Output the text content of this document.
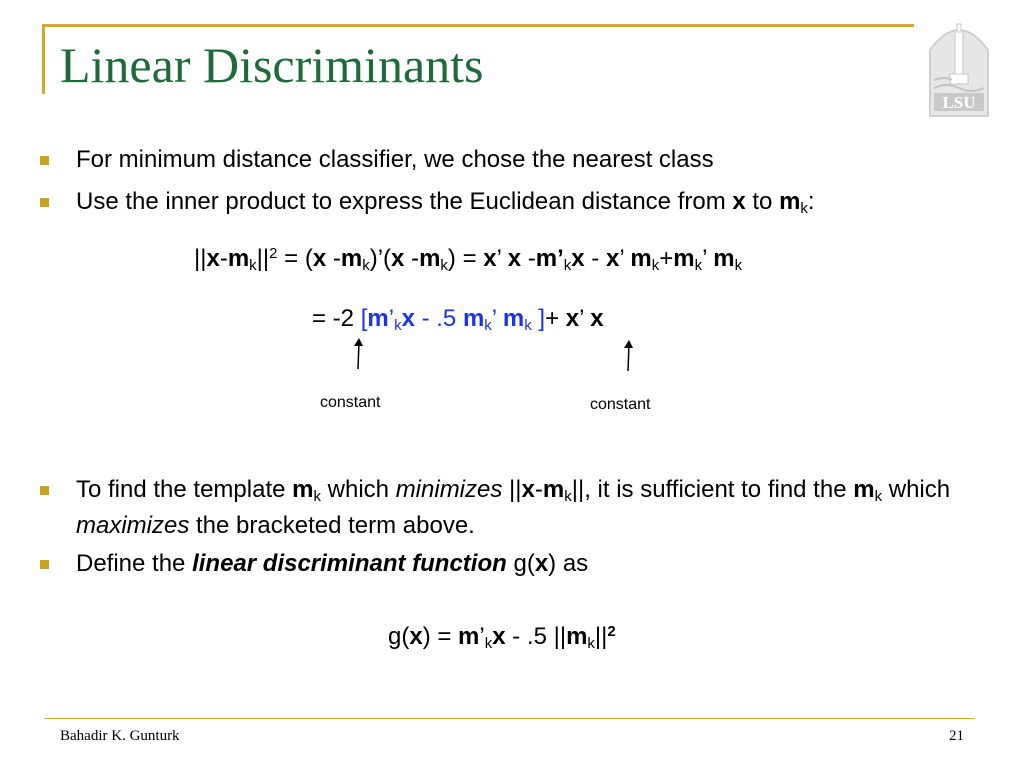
Linear Discriminants
LSU
For minimum distance classifier, we chose the nearest class
Use the inner product to express the Euclidean distance from x to $m_k$:
$||x-m_k||^2 = (x$ $-m_k)’(x$ $-m_k) = x$’ x $-m’_kx$ - x’ $m_k+m_k$’ $m_k$
= -2 [$m’_kx - .5$ $m_k$’ $m_k$ ]+ x’ x
constant	constant
To find the template $m_k$ which minimizes $||x-m_k||$, it is sufficient to find the $m_k$ which maximizes the bracketed term above.
Define the linear discriminant function g(x) as
$g(x) = m’_kx - .5$ $||m_k||^2$
Bahadir K. Gunturk	21
